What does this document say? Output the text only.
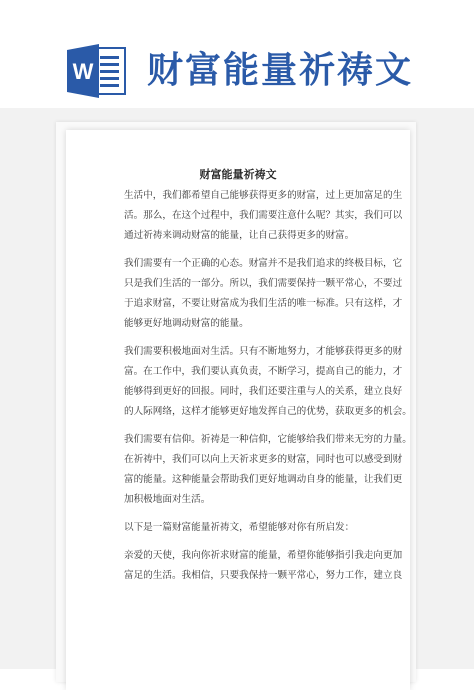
W 财富能量祈祷文
财富能量祈祷文
生活中，我们都希望自己能够获得更多的财富，过上更加富足的生
活。那么，在这个过程中，我们需要注意什么呢？其实，我们可以
通过祈祷来调动财富的能量，让自己获得更多的财富。
我们需要有一个正确的心态。财富并不是我们追求的终极目标，它
只是我们生活的一部分。所以，我们需要保持一颗平常心，不要过
于追求财富，不要让财富成为我们生活的唯一标准。只有这样，才
能够更好地调动财富的能量。
我们需要积极地面对生活。只有不断地努力，才能够获得更多的财
富。在工作中，我们要认真负责，不断学习，提高自己的能力，才
能够得到更好的回报。同时，我们还要注重与人的关系，建立良好
的人际网络，这样才能够更好地发挥自己的优势，获取更多的机会。
我们需要有信仰。祈祷是一种信仰，它能够给我们带来无穷的力量。
在祈祷中，我们可以向上天祈求更多的财富，同时也可以感受到财
富的能量。这种能量会帮助我们更好地调动自身的能量，让我们更
加积极地面对生活。
以下是一篇财富能量祈祷文，希望能够对你有所启发：
亲爱的天使，我向你祈求财富的能量，希望你能够指引我走向更加
富足的生活。我相信，只要我保持一颗平常心，努力工作，建立良
